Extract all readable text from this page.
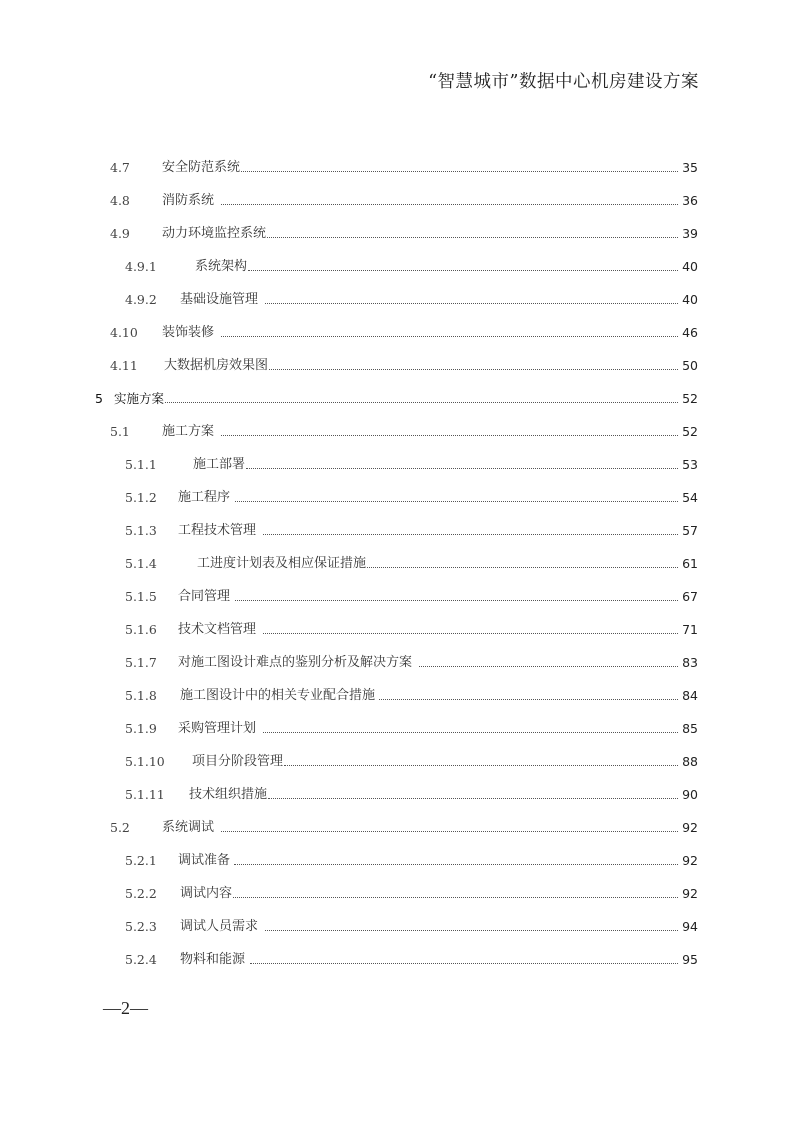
“智慧城市”数据中心机房建设方案
4.7	安全防范系统	35
4.8	消防系统	36
4.9	动力环境监控系统	39
4.9.1	系统架构	40
4.9.2	基础设施管理	40
4.10	装饰装修	46
4.11	大数据机房效果图	50
5 实施方案	52
5.1	施工方案	52
5.1.1	施工部署	53
5.1.2	施工程序	54
5.1.3	工程技术管理	57
5.1.4	工进度计划表及相应保证措施	61
5.1.5	合同管理	67
5.1.6	技术文档管理	71
5.1.7	对施工图设计难点的鉴别分析及解决方案	83
5.1.8	施工图设计中的相关专业配合措施	84
5.1.9	采购管理计划	85
5.1.10	项目分阶段管理	88
5.1.11	技术组织措施	90
5.2	系统调试	92
5.2.1	调试准备	92
5.2.2	调试内容	92
5.2.3	调试人员需求	94
5.2.4	物料和能源	95
—2—
